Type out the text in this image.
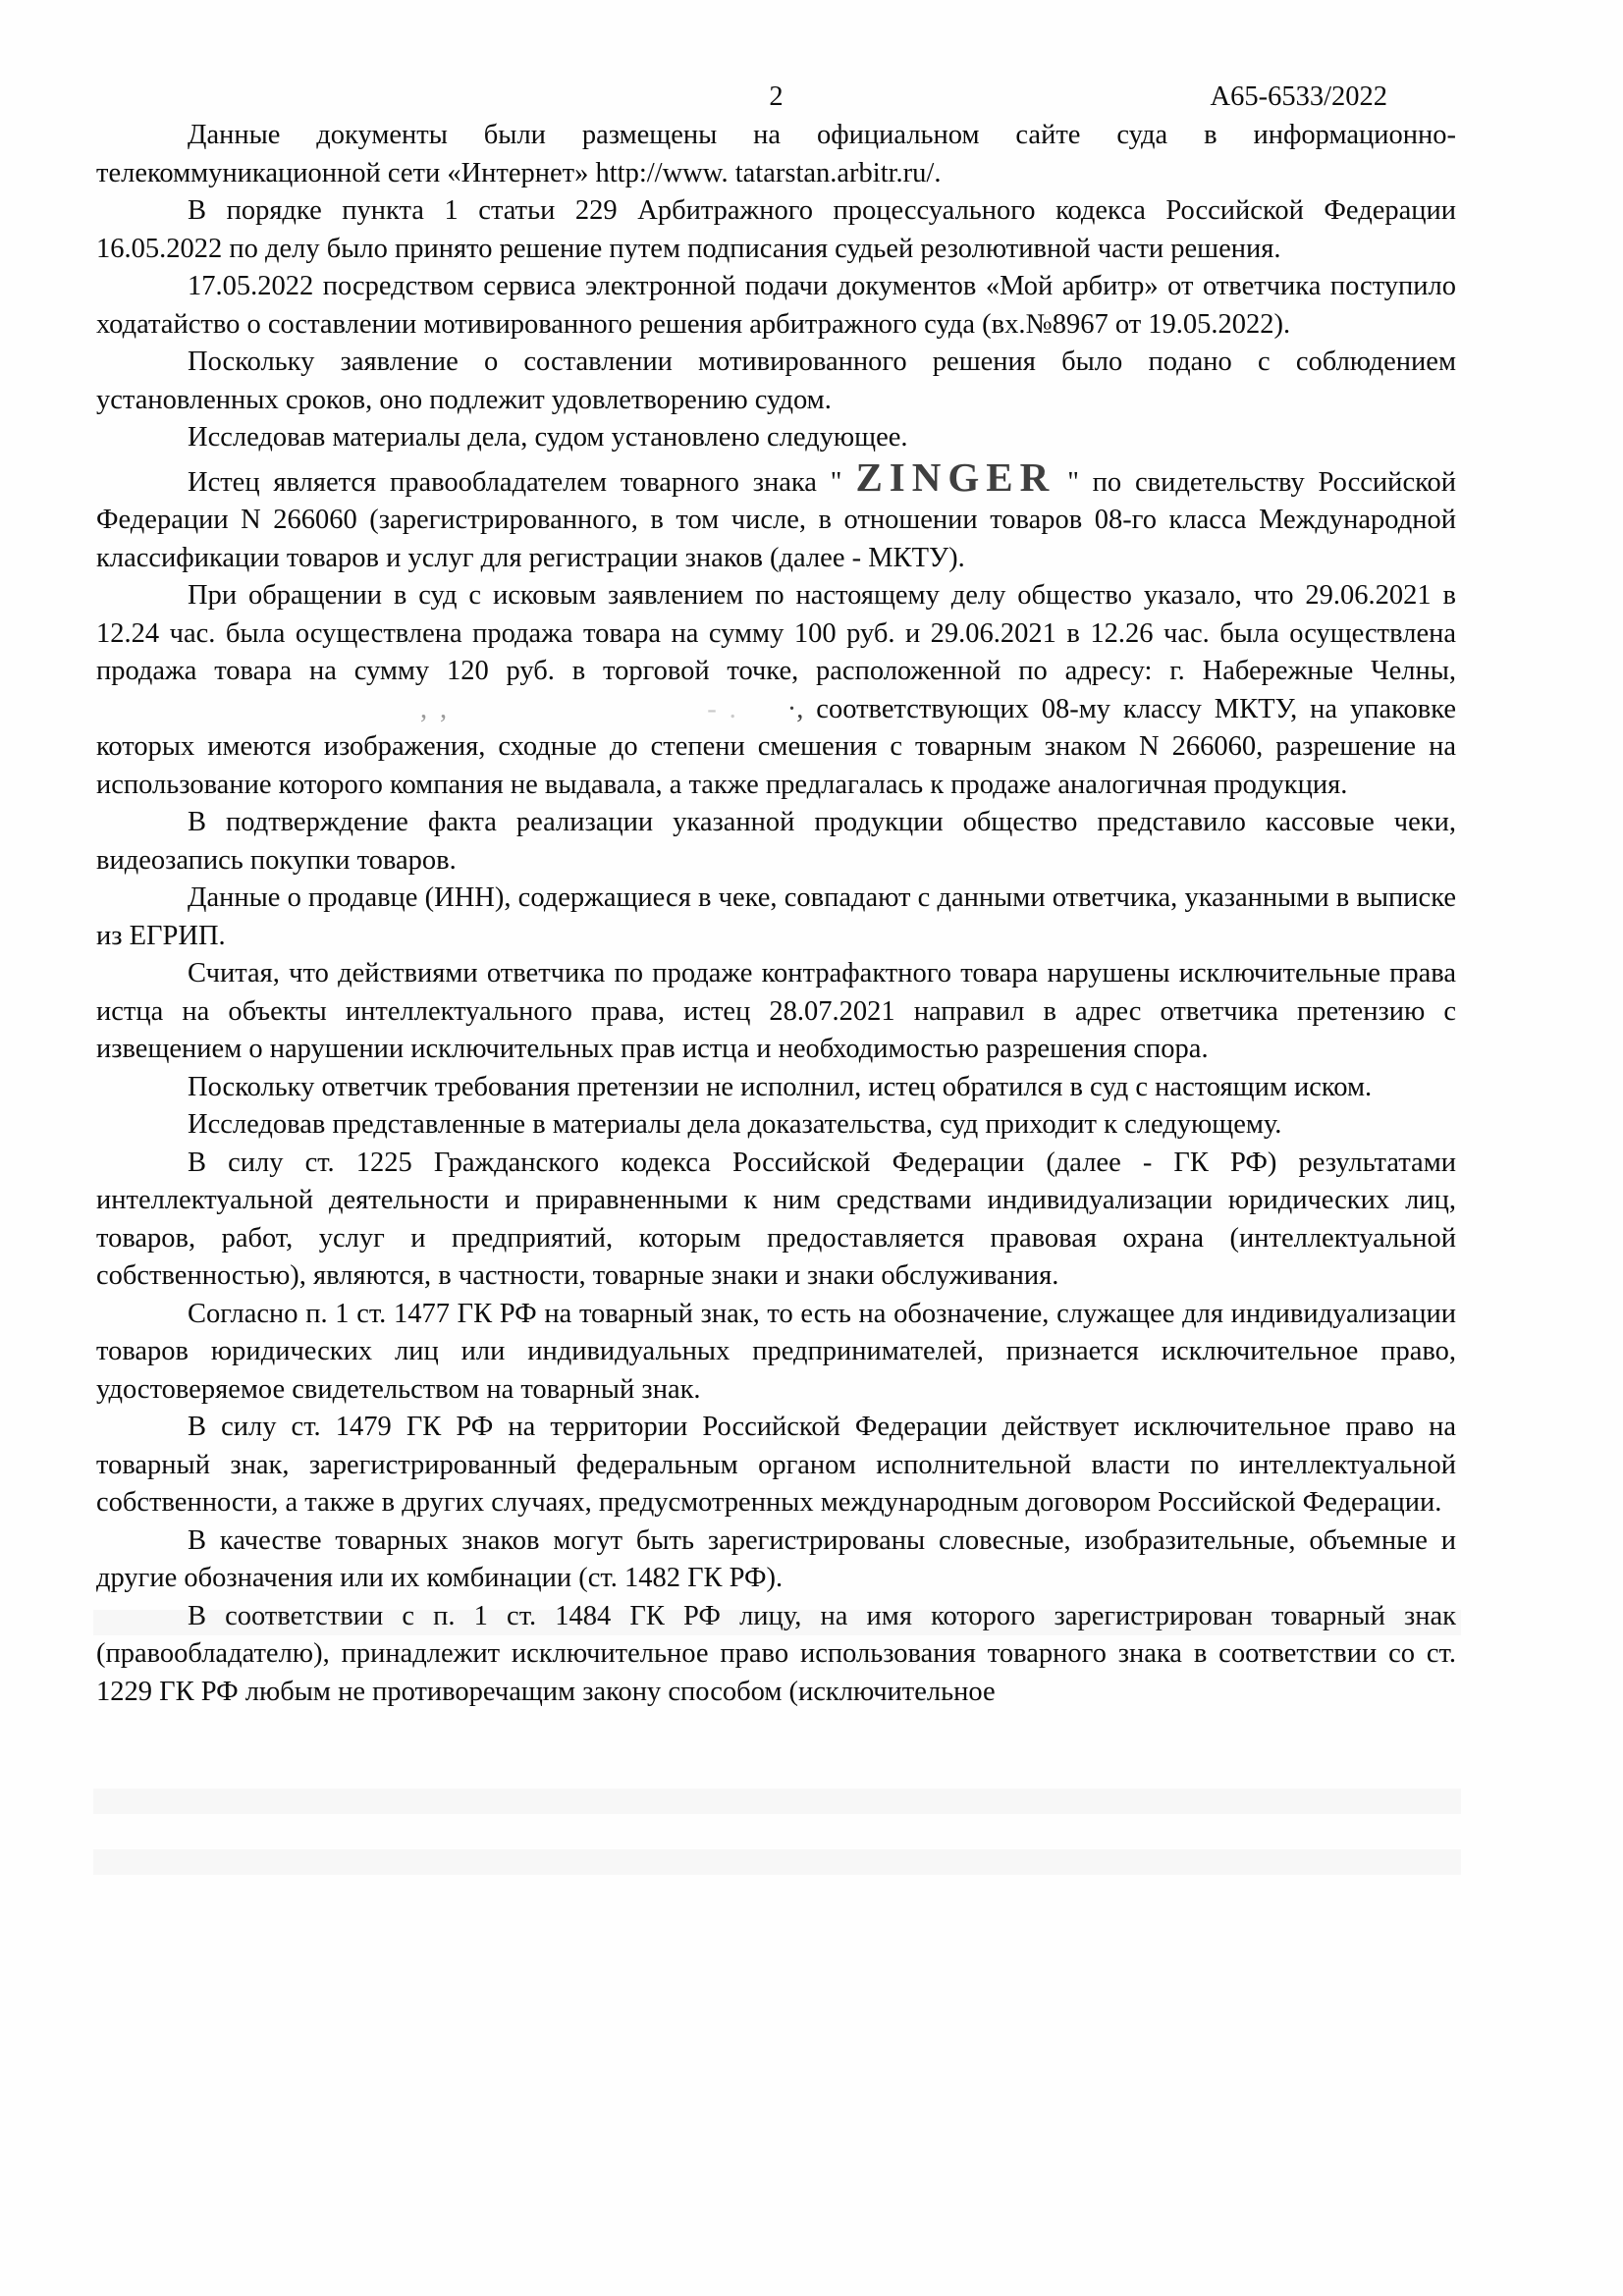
2	А65-6533/2022

Данные документы были размещены на официальном сайте суда в информационно-телекоммуникационной сети «Интернет» http://www. tatarstan.arbitr.ru/.

В порядке пункта 1 статьи 229 Арбитражного процессуального кодекса Российской Федерации 16.05.2022 по делу было принято решение путем подписания судьей резолютивной части решения.

17.05.2022 посредством сервиса электронной подачи документов «Мой арбитр» от ответчика поступило ходатайство о составлении мотивированного решения арбитражного суда (вх.№8967 от 19.05.2022).

Поскольку заявление о составлении мотивированного решения было подано с соблюдением установленных сроков, оно подлежит удовлетворению судом.

Исследовав материалы дела, судом установлено следующее.

Истец является правообладателем товарного знака " ZINGER " по свидетельству Российской Федерации N 266060 (зарегистрированного, в том числе, в отношении товаров 08-го класса Международной классификации товаров и услуг для регистрации знаков (далее - МКТУ).

При обращении в суд с исковым заявлением по настоящему делу общество указало, что 29.06.2021 в 12.24 час. была осуществлена продажа товара на сумму 100 руб. и 29.06.2021 в 12.26 час. была осуществлена продажа товара на сумму 120 руб. в торговой точке, расположенной по адресу: г. Набережные Челны, , ,	- . ·, соответствующих 08-му классу МКТУ, на упаковке которых имеются изображения, сходные до степени смешения с товарным знаком N 266060, разрешение на использование которого компания не выдавала, а также предлагалась к продаже аналогичная продукция.

В подтверждение факта реализации указанной продукции общество представило кассовые чеки, видеозапись покупки товаров.

Данные о продавце (ИНН), содержащиеся в чеке, совпадают с данными ответчика, указанными в выписке из ЕГРИП.

Считая, что действиями ответчика по продаже контрафактного товара нарушены исключительные права истца на объекты интеллектуального права, истец 28.07.2021 направил в адрес ответчика претензию с извещением о нарушении исключительных прав истца и необходимостью разрешения спора.

Поскольку ответчик требования претензии не исполнил, истец обратился в суд с настоящим иском.

Исследовав представленные в материалы дела доказательства, суд приходит к следующему.

В силу ст. 1225 Гражданского кодекса Российской Федерации (далее - ГК РФ) результатами интеллектуальной деятельности и приравненными к ним средствами индивидуализации юридических лиц, товаров, работ, услуг и предприятий, которым предоставляется правовая охрана (интеллектуальной собственностью), являются, в частности, товарные знаки и знаки обслуживания.

Согласно п. 1 ст. 1477 ГК РФ на товарный знак, то есть на обозначение, служащее для индивидуализации товаров юридических лиц или индивидуальных предпринимателей, признается исключительное право, удостоверяемое свидетельством на товарный знак.

В силу ст. 1479 ГК РФ на территории Российской Федерации действует исключительное право на товарный знак, зарегистрированный федеральным органом исполнительной власти по интеллектуальной собственности, а также в других случаях, предусмотренных международным договором Российской Федерации.

В качестве товарных знаков могут быть зарегистрированы словесные, изобразительные, объемные и другие обозначения или их комбинации (ст. 1482 ГК РФ).

В соответствии с п. 1 ст. 1484 ГК РФ лицу, на имя которого зарегистрирован товарный знак (правообладателю), принадлежит исключительное право использования товарного знака в соответствии со ст. 1229 ГК РФ любым не противоречащим закону способом (исключительное
